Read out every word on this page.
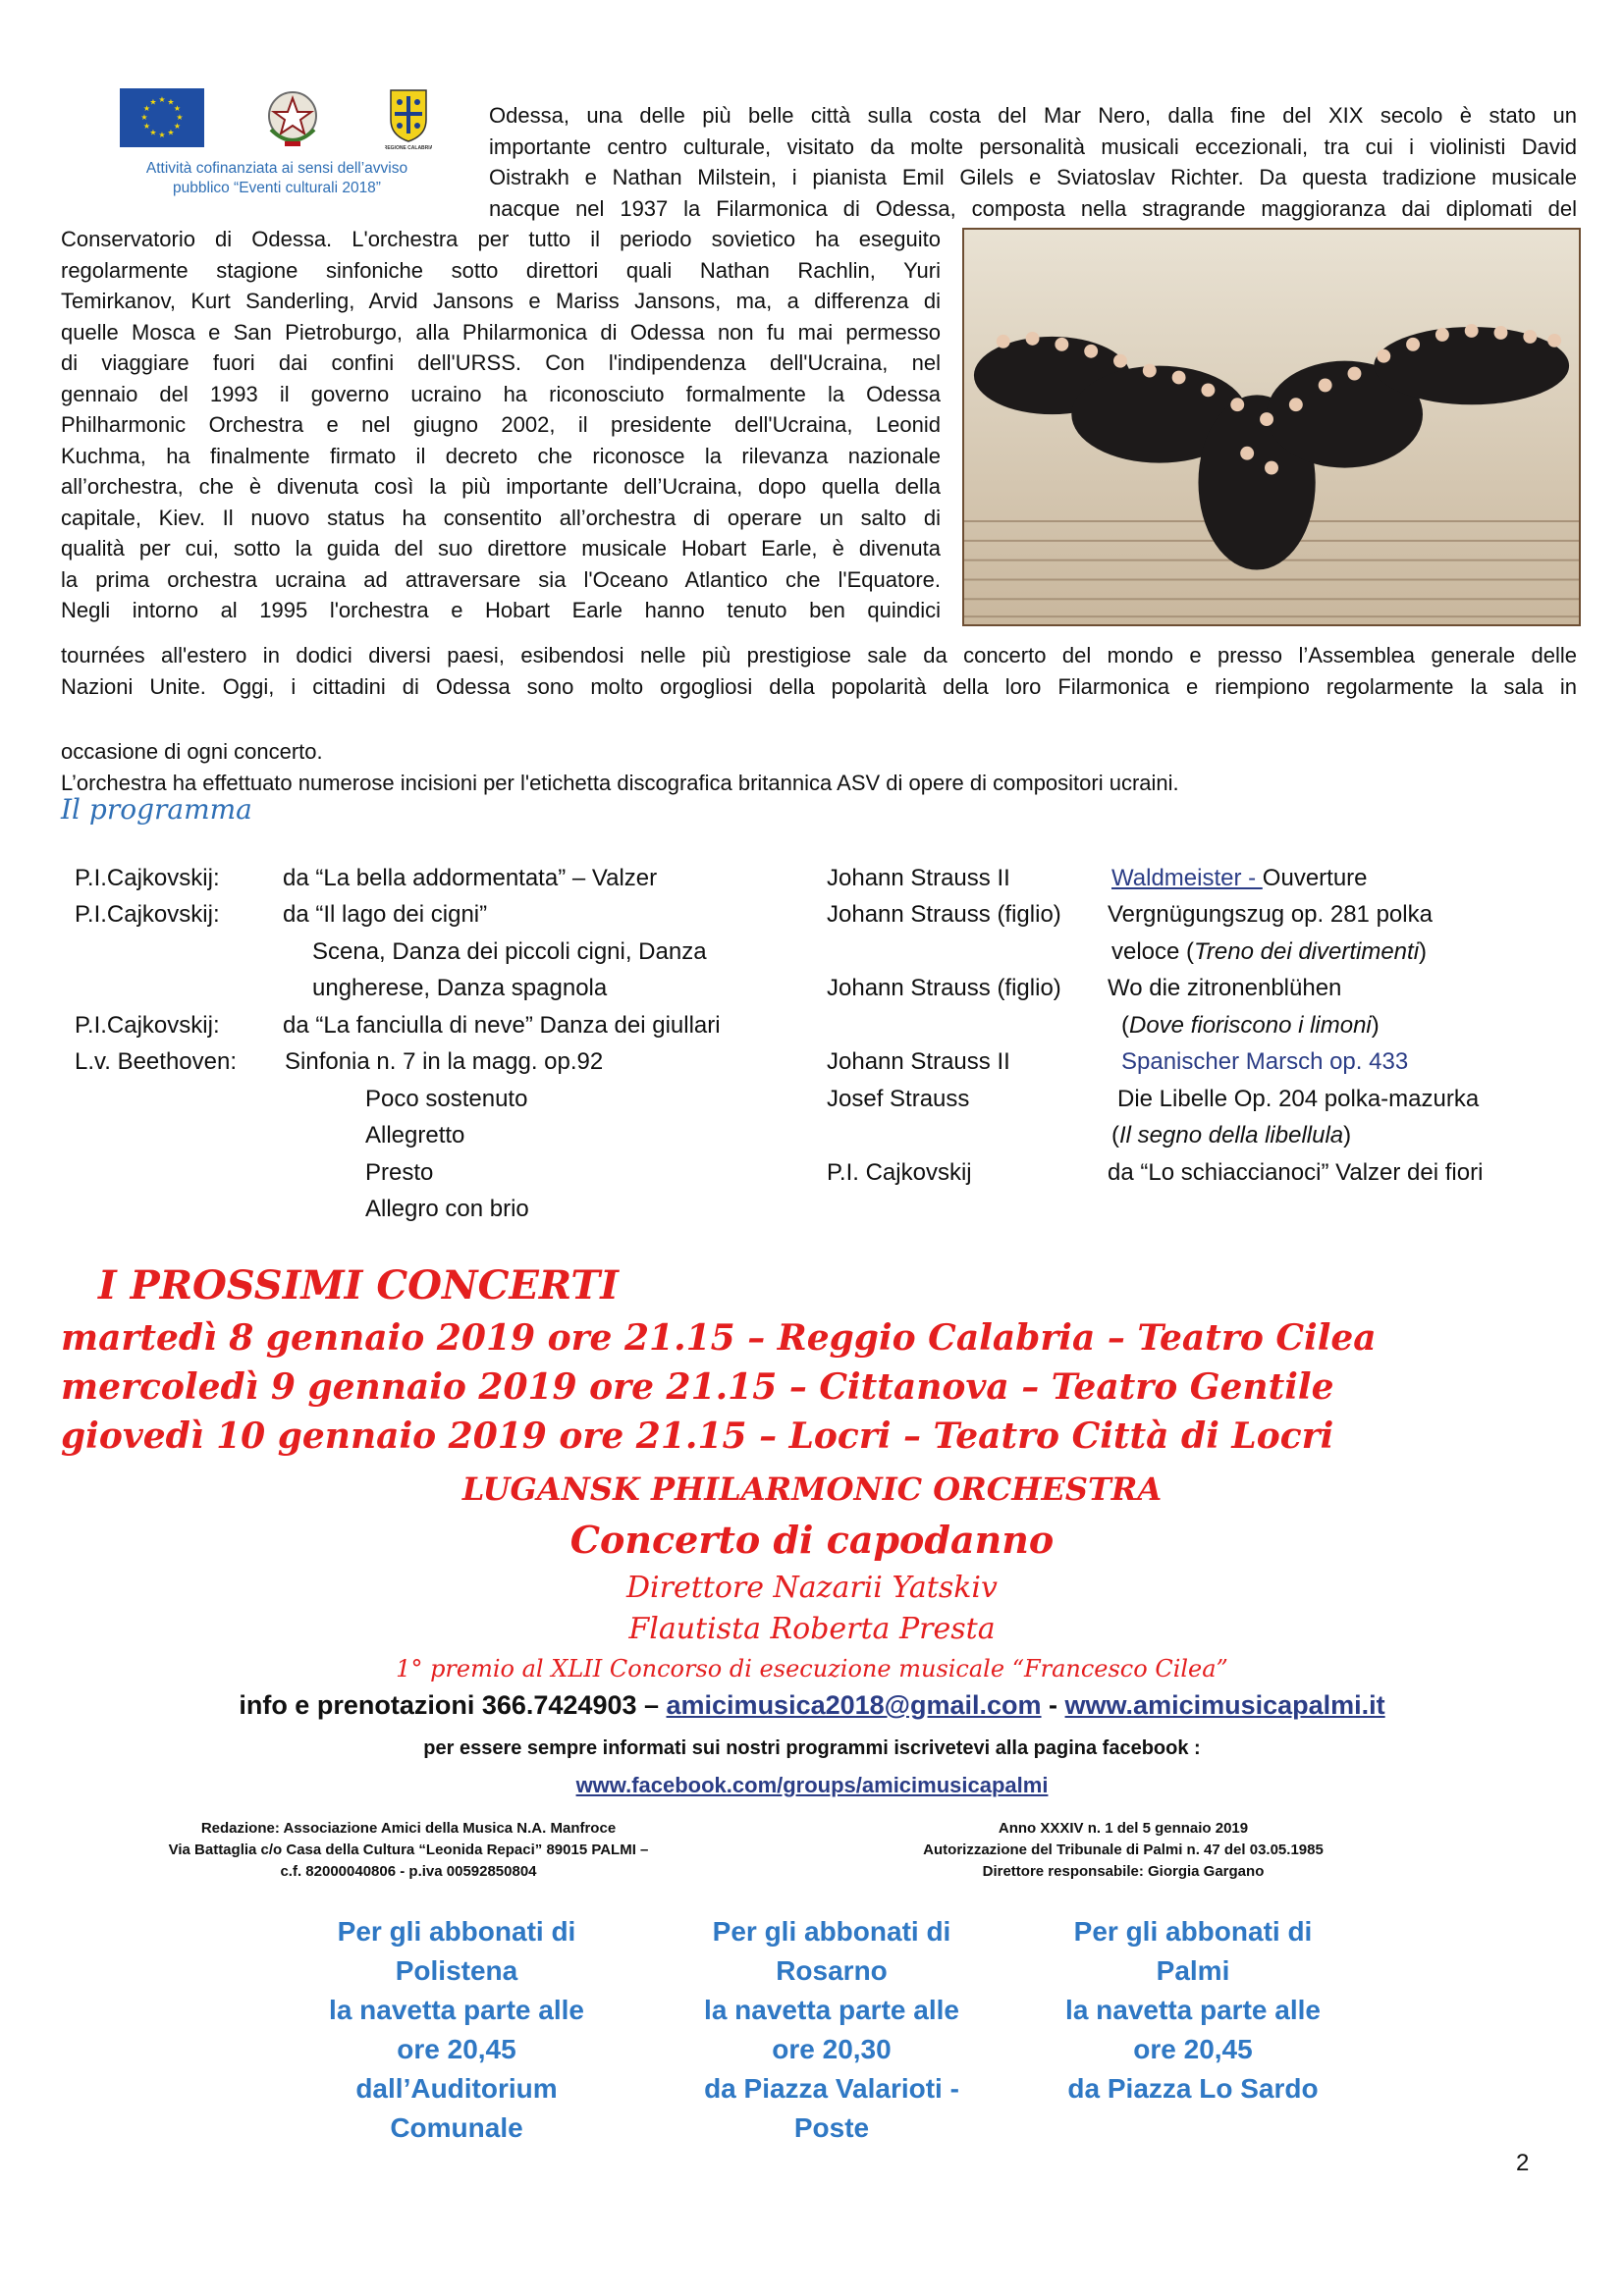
★ ★
★
★
★
★
★
★
★
★
★
★
REGIONE CALABRIA
Attività cofinanziata ai sensi dell’avviso
pubblico “Eventi culturali 2018”
Odessa, una delle più belle città sulla costa del Mar Nero, dalla fine del XIX secolo è stato un
importante centro culturale, visitato da molte personalità musicali eccezionali, tra cui i violinisti David
Oistrakh e Nathan Milstein, i pianista Emil Gilels e Sviatoslav Richter. Da questa tradizione musicale
nacque nel 1937 la Filarmonica di Odessa, composta nella stragrande maggioranza dai diplomati del
Conservatorio di Odessa. L'orchestra per tutto il periodo sovietico ha eseguito
regolarmente stagione sinfoniche sotto direttori quali Nathan Rachlin, Yuri
Temirkanov, Kurt Sanderling, Arvid Jansons e Mariss Jansons, ma, a differenza di
quelle Mosca e San Pietroburgo, alla Philarmonica di Odessa non fu mai permesso
di viaggiare fuori dai confini dell'URSS. Con l'indipendenza dell'Ucraina, nel
gennaio del 1993 il governo ucraino ha riconosciuto formalmente la Odessa
Philharmonic Orchestra e nel giugno 2002, il presidente dell'Ucraina, Leonid
Kuchma, ha finalmente firmato il decreto che riconosce la rilevanza nazionale
all’orchestra, che è divenuta così la più importante dell’Ucraina, dopo quella della
capitale, Kiev. Il nuovo status ha consentito all’orchestra di operare un salto di
qualità per cui, sotto la guida del suo direttore musicale Hobart Earle, è divenuta
la prima orchestra ucraina ad attraversare sia l'Oceano Atlantico che l'Equatore.
Negli intorno al 1995 l'orchestra e Hobart Earle hanno tenuto ben quindici
tournées all'estero in dodici diversi paesi, esibendosi nelle più prestigiose sale da concerto del mondo e presso l’Assemblea generale delle
Nazioni Unite. Oggi, i cittadini di Odessa sono molto orgogliosi della popolarità della loro Filarmonica e riempiono regolarmente la sala in
occasione di ogni concerto.
L’orchestra ha effettuato numerose incisioni per l'etichetta discografica britannica ASV di opere di compositori ucraini.
Il programma
P.I.Cajkovskij:	da “La bella addormentata” – Valzer
P.I.Cajkovskij:	da “Il lago dei cigni”
Scena, Danza dei piccoli cigni, Danza
ungherese, Danza spagnola
P.I.Cajkovskij:	da “La fanciulla di neve” Danza dei giullari
L.v. Beethoven: Sinfonia n. 7 in la magg. op.92
Poco sostenuto
Allegretto
Presto
Allegro con brio
Johann Strauss II	Waldmeister - Ouverture
Johann Strauss (figlio) Vergnügungszug op. 281 polka
veloce (Treno dei divertimenti)
Johann Strauss (figlio) Wo die zitronenblühen
(Dove fioriscono i limoni)
Johann Strauss II	Spanischer Marsch op. 433
Josef Strauss	Die Libelle Op. 204 polka-mazurka
(Il segno della libellula)
P.I. Cajkovskij	da “Lo schiaccianoci” Valzer dei fiori
I PROSSIMI CONCERTI
martedì 8 gennaio 2019 ore 21.15 – Reggio Calabria – Teatro Cilea
mercoledì 9 gennaio 2019 ore 21.15 – Cittanova – Teatro Gentile
giovedì 10 gennaio 2019 ore 21.15 – Locri – Teatro Città di Locri
LUGANSK PHILARMONIC ORCHESTRA
Concerto di capodanno
Direttore Nazarii Yatskiv
Flautista Roberta Presta
1° premio al XLII Concorso di esecuzione musicale “Francesco Cilea”
info e prenotazioni 366.7424903 – amicimusica2018@gmail.com - www.amicimusicapalmi.it
per essere sempre informati sui nostri programmi iscrivetevi alla pagina facebook :
www.facebook.com/groups/amicimusicapalmi
Redazione: Associazione Amici della Musica N.A. Manfroce
Via Battaglia c/o Casa della Cultura “Leonida Repaci” 89015 PALMI –
c.f. 82000040806 - p.iva 00592850804
Anno XXXIV n. 1 del 5 gennaio 2019
Autorizzazione del Tribunale di Palmi n. 47 del 03.05.1985
Direttore responsabile: Giorgia Gargano
Per gli abbonati di
Polistena
la navetta parte alle
ore 20,45
dall’Auditorium
Comunale
Per gli abbonati di
Rosarno
la navetta parte alle
ore 20,30
da Piazza Valarioti -
Poste
Per gli abbonati di
Palmi
la navetta parte alle
ore 20,45
da Piazza Lo Sardo
2
